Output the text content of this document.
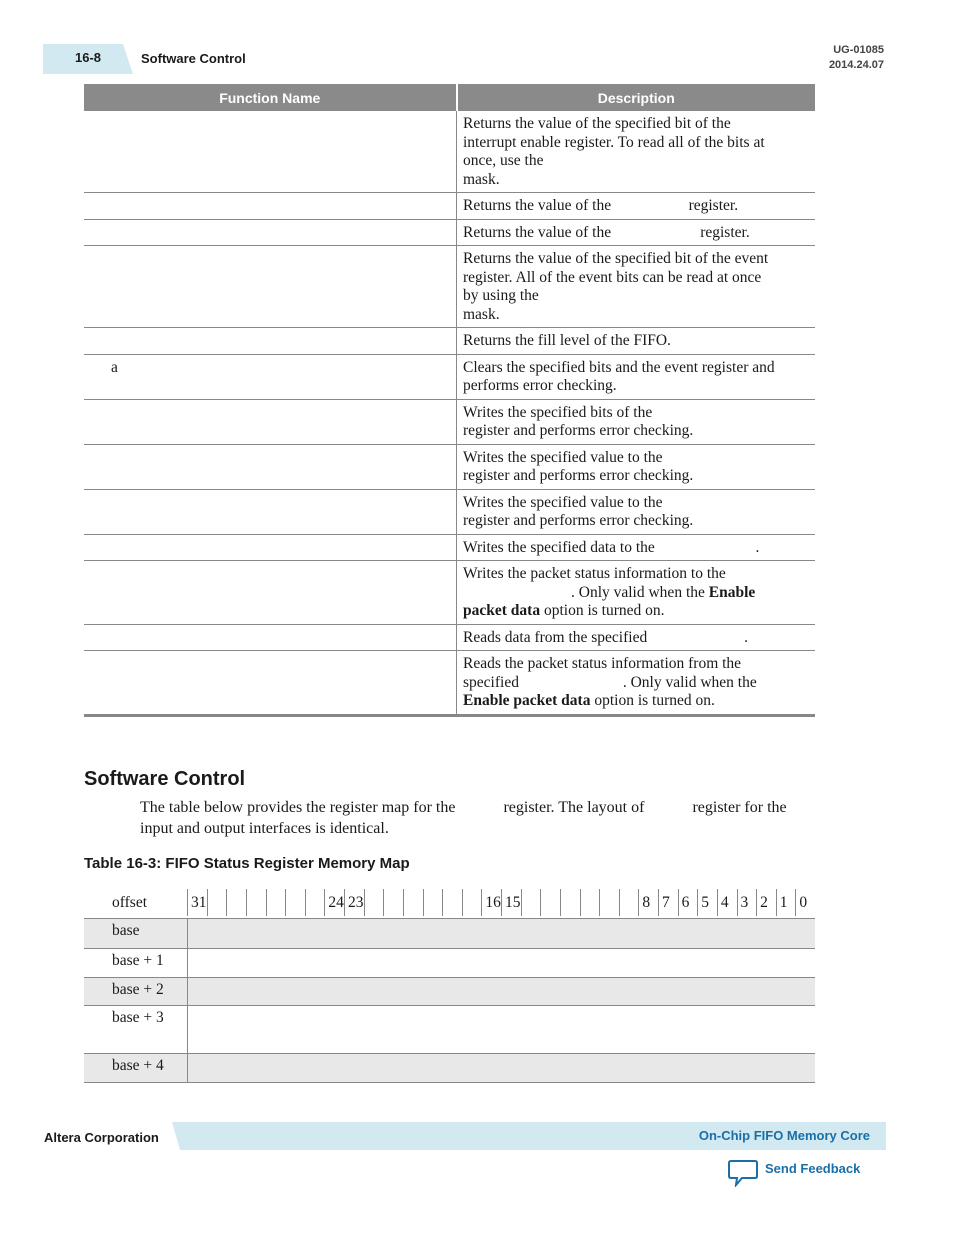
16-8	Software Control
UG-01085
2014.24.07
Function Name	Description

	Returns the value of the specified bit of the
interrupt enable register. To read all of the bits at
once, use the
mask.

	Returns the value of the                    register.

	Returns the value of the                       register.

	Returns the value of the specified bit of the event
register. All of the event bits can be read at once
by using the
mask.

	Returns the fill level of the FIFO.

a	Clears the specified bits and the event register and
performs error checking.

	Writes the specified bits of the
register and performs error checking.

	Writes the specified value to the
register and performs error checking.

	Writes the specified value to the
register and performs error checking.

	Writes the specified data to the                          .

	Writes the packet status information to the
. Only valid when the Enable
packet data option is turned on.

	Reads data from the specified                         .

	Reads the packet status information from the
specified . Only valid when the
Enable packet data option is turned on.
Software Control
The table below provides the register map for the            register. The layout of            register for the
input and output interfaces is identical.
Table 16-3: FIFO Status Register Memory Map
offset	31	24 23	16 15	8 7 6 5 4 3 2 1 0
base
base + 1
base + 2
base + 3
base + 4
Altera Corporation	On-Chip FIFO Memory Core
Send Feedback
